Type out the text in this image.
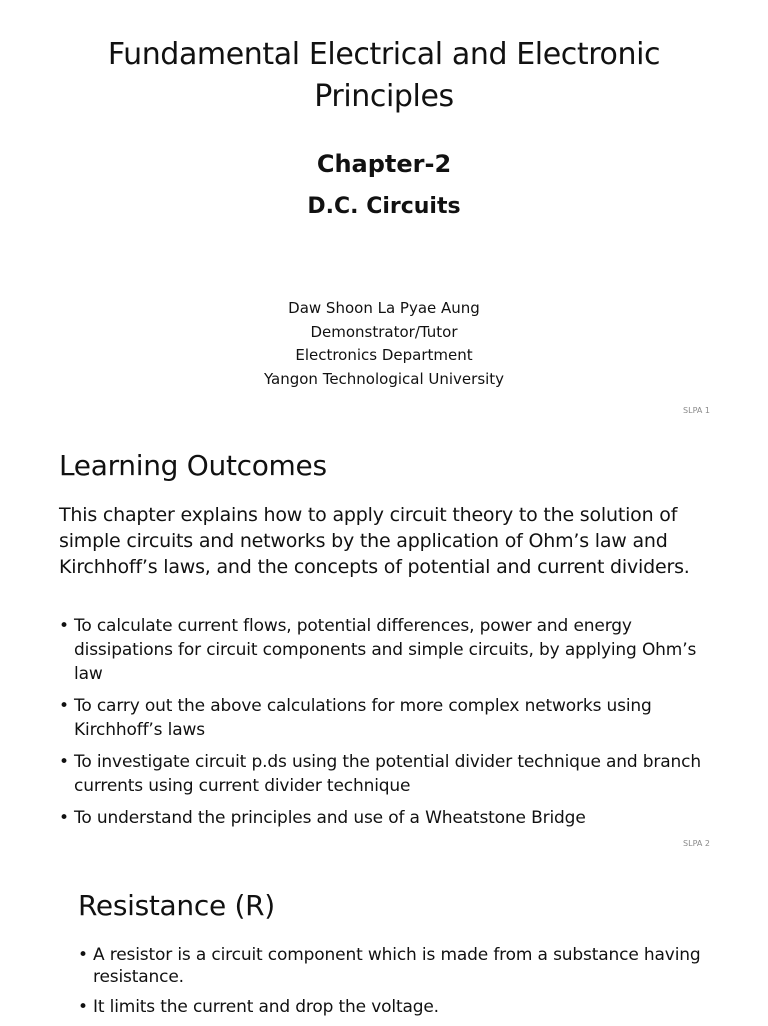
Fundamental Electrical and Electronic Principles
Chapter-2
D.C. Circuits
Daw Shoon La Pyae Aung
Demonstrator/Tutor
Electronics Department
Yangon Technological University
SLPA 1
Learning Outcomes
This chapter explains how to apply circuit theory to the solution of simple circuits and networks by the application of Ohm’s law and Kirchhoff’s laws, and the concepts of potential and current dividers.
• To calculate current flows, potential differences, power and energy dissipations for circuit components and simple circuits, by applying Ohm’s law
• To carry out the above calculations for more complex networks using Kirchhoff’s laws
• To investigate circuit p.ds using the potential divider technique and branch currents using current divider technique
• To understand the principles and use of a Wheatstone Bridge
SLPA 2
Resistance (R)
• A resistor is a circuit component which is made from a substance having resistance.
• It limits the current and drop the voltage.
